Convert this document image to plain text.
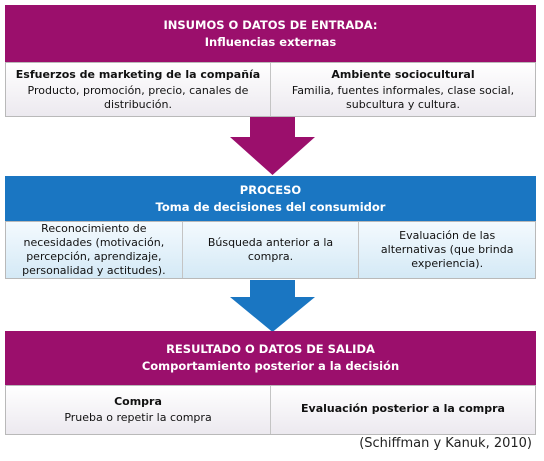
INSUMOS O DATOS DE ENTRADA:
Influencias externas
Esfuerzos de marketing de la compañía
Producto, promoción, precio, canales de distribución.
Ambiente sociocultural
Familia, fuentes informales, clase social, subcultura y cultura.
PROCESO
Toma de decisiones del consumidor
Reconocimiento de necesidades (motivación, percepción, aprendizaje, personalidad y actitudes).
Búsqueda anterior a la compra.
Evaluación de las alternativas (que brinda experiencia).
RESULTADO O DATOS DE SALIDA
Comportamiento posterior a la decisión
Compra
Prueba o repetir la compra
Evaluación posterior a la compra
(Schiffman y Kanuk, 2010)
